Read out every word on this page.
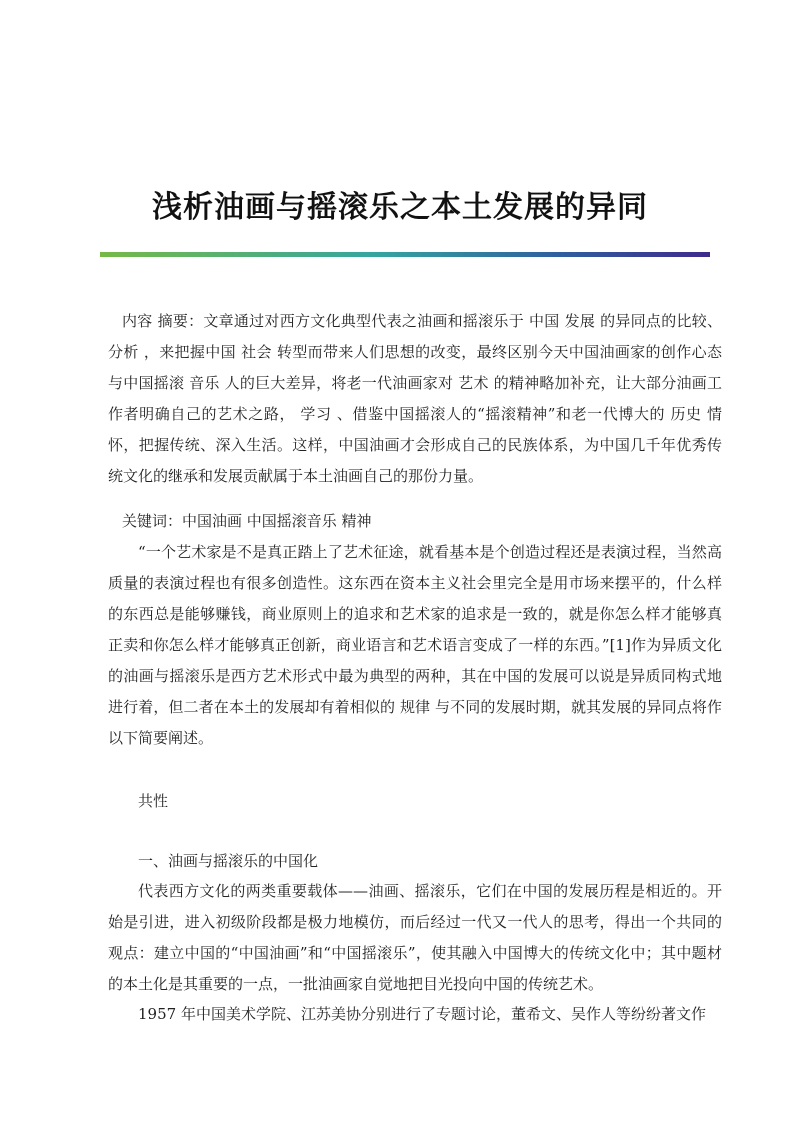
浅析油画与摇滚乐之本土发展的异同

内容 摘要：文章通过对西方文化典型代表之油画和摇滚乐于 中国 发展 的异同点的比较、 分析 ，来把握中国 社会 转型而带来人们思想的改变，最终区别今天中国油画家的创作心态与中国摇滚 音乐 人的巨大差异，将老一代油画家对 艺术 的精神略加补充，让大部分油画工作者明确自己的艺术之路， 学习 、借鉴中国摇滚人的“摇滚精神”和老一代博大的 历史 情怀，把握传统、深入生活。这样，中国油画才会形成自己的民族体系，为中国几千年优秀传统文化的继承和发展贡献属于本土油画自己的那份力量。

关键词：中国油画 中国摇滚音乐 精神

“一个艺术家是不是真正踏上了艺术征途，就看基本是个创造过程还是表演过程，当然高质量的表演过程也有很多创造性。这东西在资本主义社会里完全是用市场来摆平的，什么样的东西总是能够赚钱，商业原则上的追求和艺术家的追求是一致的，就是你怎么样才能够真正卖和你怎么样才能够真正创新，商业语言和艺术语言变成了一样的东西。”[1]作为异质文化的油画与摇滚乐是西方艺术形式中最为典型的两种，其在中国的发展可以说是异质同构式地进行着，但二者在本土的发展却有着相似的 规律 与不同的发展时期，就其发展的异同点将作以下简要阐述。

共性

一、油画与摇滚乐的中国化

代表西方文化的两类重要载体——油画、摇滚乐，它们在中国的发展历程是相近的。开始是引进，进入初级阶段都是极力地模仿，而后经过一代又一代人的思考，得出一个共同的观点：建立中国的“中国油画”和“中国摇滚乐”，使其融入中国博大的传统文化中；其中题材的本土化是其重要的一点，一批油画家自觉地把目光投向中国的传统艺术。

1957 年中国美术学院、江苏美协分别进行了专题讨论，董希文、吴作人等纷纷著文作
